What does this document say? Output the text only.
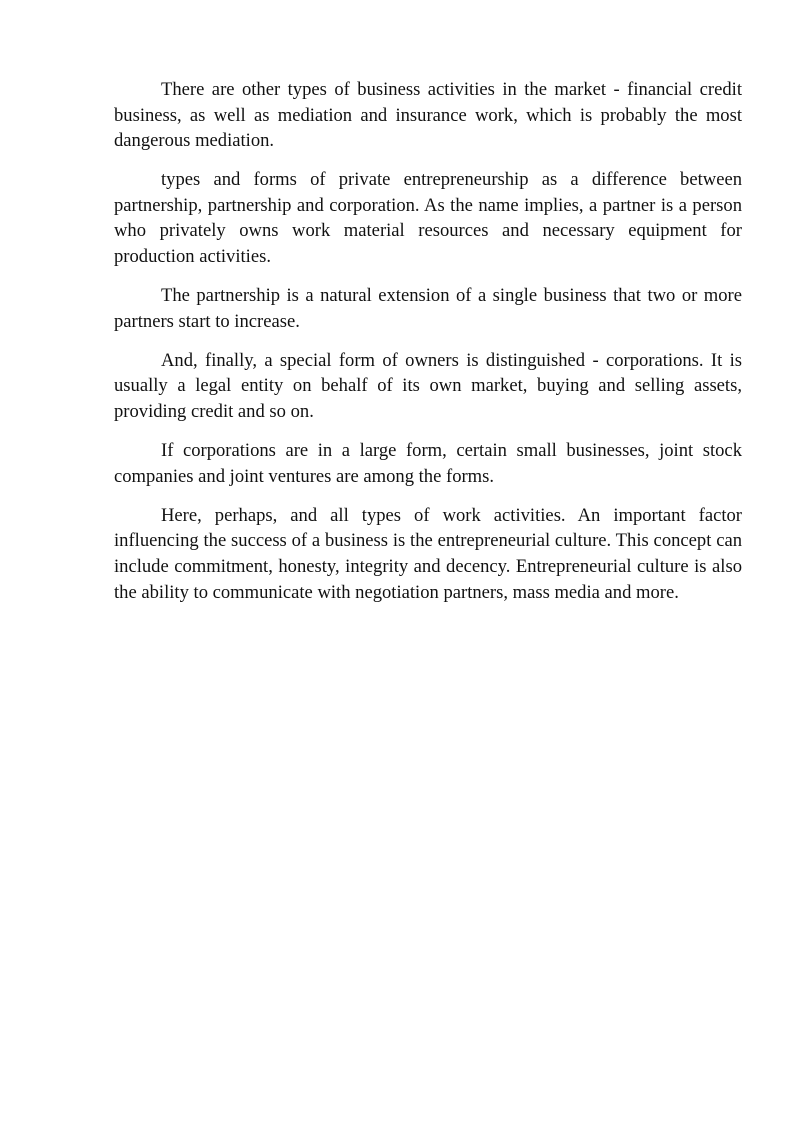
There are other types of business activities in the market - financial credit business, as well as mediation and insurance work, which is probably the most dangerous mediation.

types and forms of private entrepreneurship as a difference between partnership, partnership and corporation. As the name implies, a partner is a person who privately owns work material resources and necessary equipment for production activities.

The partnership is a natural extension of a single business that two or more partners start to increase.

And, finally, a special form of owners is distinguished - corporations. It is usually a legal entity on behalf of its own market, buying and selling assets, providing credit and so on.

If corporations are in a large form, certain small businesses, joint stock companies and joint ventures are among the forms.

Here, perhaps, and all types of work activities. An important factor influencing the success of a business is the entrepreneurial culture. This concept can include commitment, honesty, integrity and decency. Entrepreneurial culture is also the ability to communicate with negotiation partners, mass media and more.
